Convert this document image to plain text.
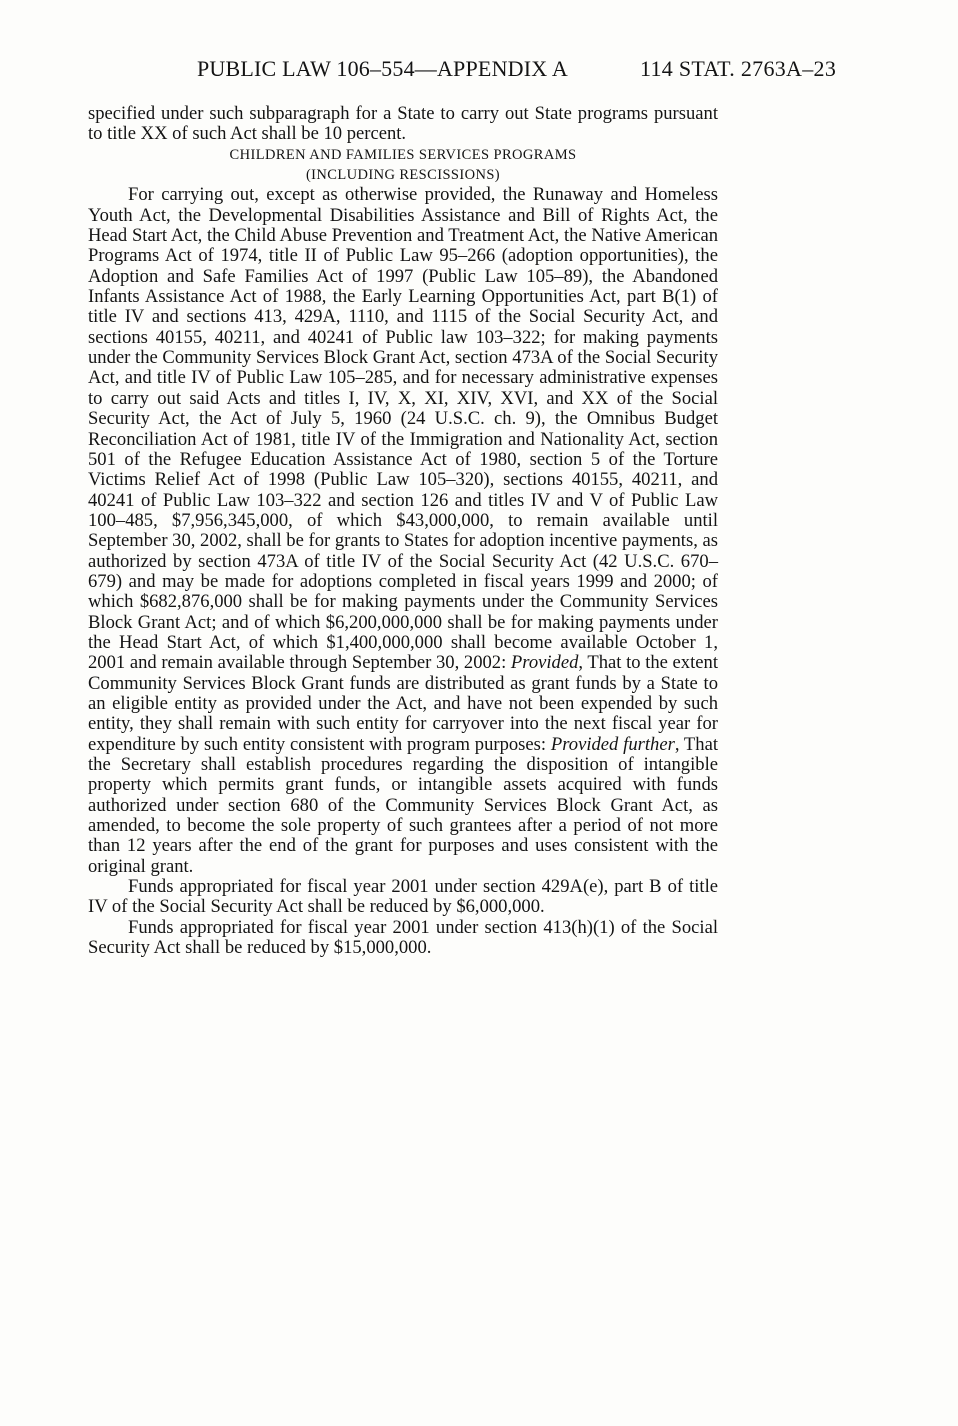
PUBLIC LAW 106–554—APPENDIX A	114 STAT. 2763A–23

specified under such subparagraph for a State to carry out State programs pursuant to title XX of such Act shall be 10 percent.

CHILDREN AND FAMILIES SERVICES PROGRAMS

(INCLUDING RESCISSIONS)

For carrying out, except as otherwise provided, the Runaway and Homeless Youth Act, the Developmental Disabilities Assistance and Bill of Rights Act, the Head Start Act, the Child Abuse Prevention and Treatment Act, the Native American Programs Act of 1974, title II of Public Law 95–266 (adoption opportunities), the Adoption and Safe Families Act of 1997 (Public Law 105–89), the Abandoned Infants Assistance Act of 1988, the Early Learning Opportunities Act, part B(1) of title IV and sections 413, 429A, 1110, and 1115 of the Social Security Act, and sections 40155, 40211, and 40241 of Public law 103–322; for making payments under the Community Services Block Grant Act, section 473A of the Social Security Act, and title IV of Public Law 105–285, and for necessary administrative expenses to carry out said Acts and titles I, IV, X, XI, XIV, XVI, and XX of the Social Security Act, the Act of July 5, 1960 (24 U.S.C. ch. 9), the Omnibus Budget Reconciliation Act of 1981, title IV of the Immigration and Nationality Act, section 501 of the Refugee Education Assistance Act of 1980, section 5 of the Torture Victims Relief Act of 1998 (Public Law 105–320), sections 40155, 40211, and 40241 of Public Law 103–322 and section 126 and titles IV and V of Public Law 100–485, $7,956,345,000, of which $43,000,000, to remain available until September 30, 2002, shall be for grants to States for adoption incentive payments, as authorized by section 473A of title IV of the Social Security Act (42 U.S.C. 670–679) and may be made for adoptions completed in fiscal years 1999 and 2000; of which $682,876,000 shall be for making payments under the Community Services Block Grant Act; and of which $6,200,000,000 shall be for making payments under the Head Start Act, of which $1,400,000,000 shall become available October 1, 2001 and remain available through September 30, 2002: Provided, That to the extent Community Services Block Grant funds are distributed as grant funds by a State to an eligible entity as provided under the Act, and have not been expended by such entity, they shall remain with such entity for carryover into the next fiscal year for expenditure by such entity consistent with program purposes: Provided further, That the Secretary shall establish procedures regarding the disposition of intangible property which permits grant funds, or intangible assets acquired with funds authorized under section 680 of the Community Services Block Grant Act, as amended, to become the sole property of such grantees after a period of not more than 12 years after the end of the grant for purposes and uses consistent with the original grant.

Funds appropriated for fiscal year 2001 under section 429A(e), part B of title IV of the Social Security Act shall be reduced by $6,000,000.

Funds appropriated for fiscal year 2001 under section 413(h)(1) of the Social Security Act shall be reduced by $15,000,000.
